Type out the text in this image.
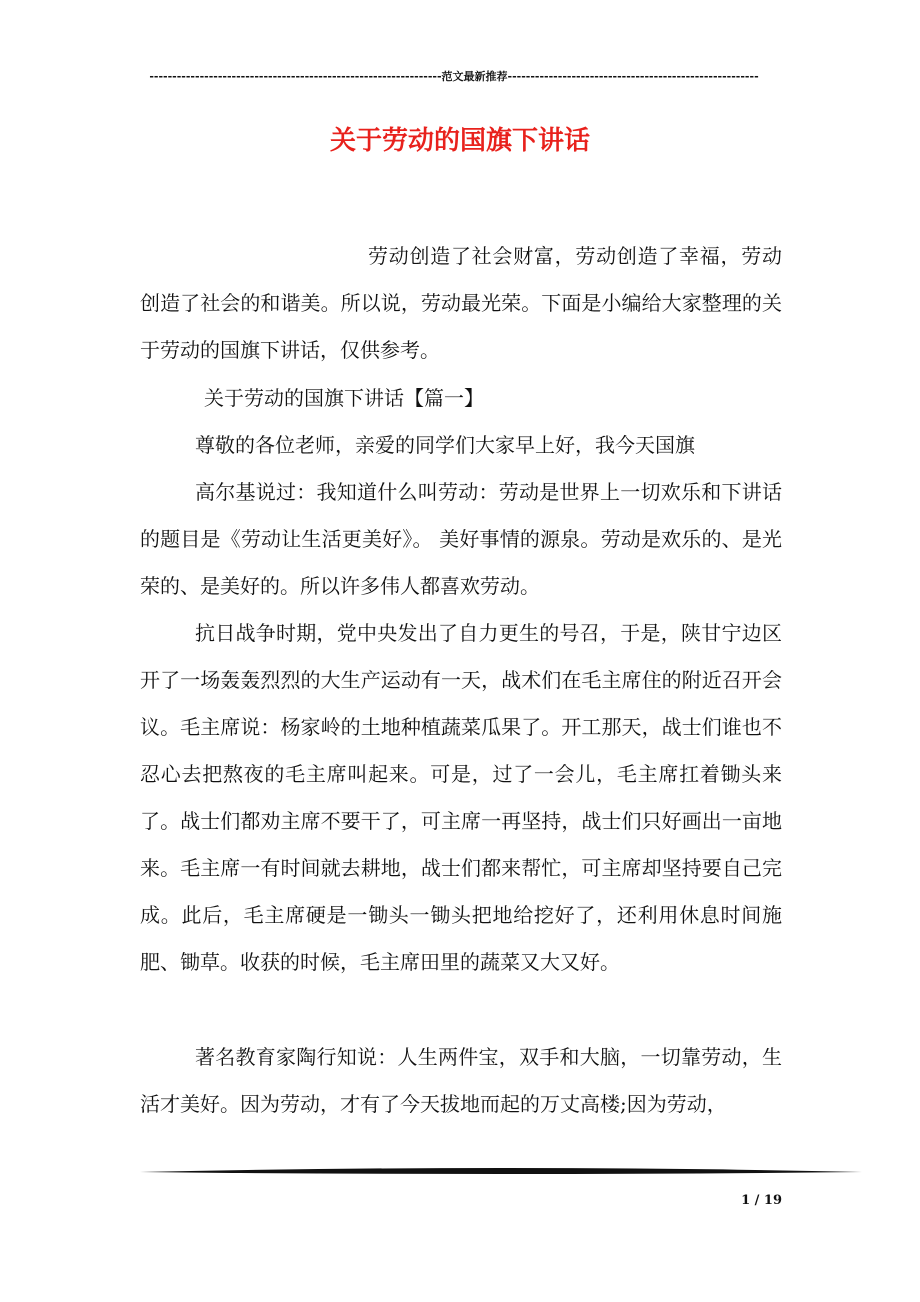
----------------------------------------------------------------范文最新推荐-------------------------------------------------------
关于劳动的国旗下讲话

劳动创造了社会财富，劳动创造了幸福，劳动创造了社会的和谐美。所以说，劳动最光荣。下面是小编给大家整理的关于劳动的国旗下讲话，仅供参考。

关于劳动的国旗下讲话【篇一】

尊敬的各位老师，亲爱的同学们大家早上好，我今天国旗

高尔基说过：我知道什么叫劳动：劳动是世界上一切欢乐和下讲话的题目是《劳动让生活更美好》。 美好事情的源泉。劳动是欢乐的、是光荣的、是美好的。所以许多伟人都喜欢劳动。

抗日战争时期，党中央发出了自力更生的号召，于是，陕甘宁边区开了一场轰轰烈烈的大生产运动有一天，战术们在毛主席住的附近召开会议。毛主席说：杨家岭的土地种植蔬菜瓜果了。开工那天，战士们谁也不忍心去把熬夜的毛主席叫起来。可是，过了一会儿，毛主席扛着锄头来了。战士们都劝主席不要干了，可主席一再坚持，战士们只好画出一亩地来。毛主席一有时间就去耕地，战士们都来帮忙，可主席却坚持要自己完成。此后，毛主席硬是一锄头一锄头把地给挖好了，还利用休息时间施肥、锄草。收获的时候，毛主席田里的蔬菜又大又好。

著名教育家陶行知说：人生两件宝，双手和大脑，一切靠劳动，生活才美好。因为劳动，才有了今天拔地而起的万丈高楼;因为劳动，

1 / 19
